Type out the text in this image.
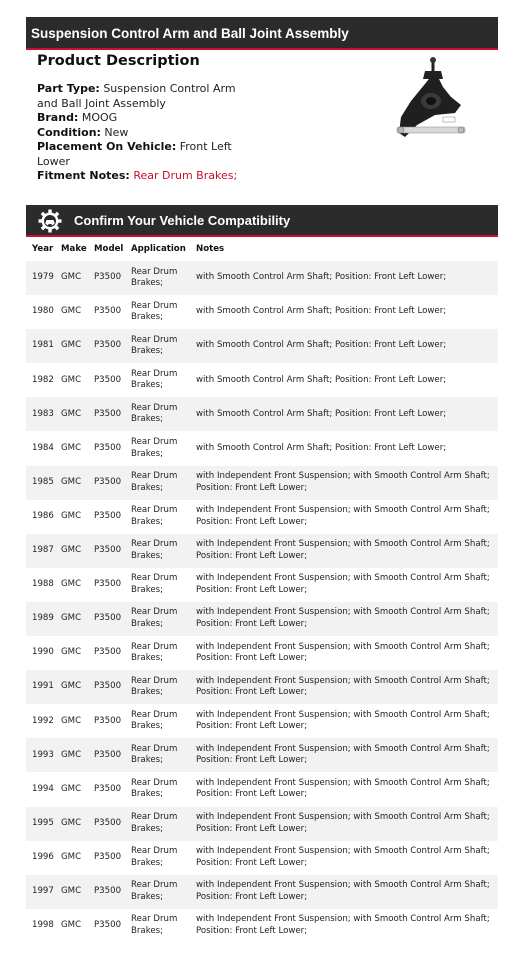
Suspension Control Arm and Ball Joint Assembly
Product Description
Part Type: Suspension Control Arm and Ball Joint Assembly
Brand: MOOG
Condition: New
Placement On Vehicle: Front Left Lower
Fitment Notes: Rear Drum Brakes;
Confirm Your Vehicle Compatibility
Year	Make	Model	Application	Notes
1979	GMC	P3500	Rear Drum Brakes;	with Smooth Control Arm Shaft; Position: Front Left Lower;
1980	GMC	P3500	Rear Drum Brakes;	with Smooth Control Arm Shaft; Position: Front Left Lower;
1981	GMC	P3500	Rear Drum Brakes;	with Smooth Control Arm Shaft; Position: Front Left Lower;
1982	GMC	P3500	Rear Drum Brakes;	with Smooth Control Arm Shaft; Position: Front Left Lower;
1983	GMC	P3500	Rear Drum Brakes;	with Smooth Control Arm Shaft; Position: Front Left Lower;
1984	GMC	P3500	Rear Drum Brakes;	with Smooth Control Arm Shaft; Position: Front Left Lower;
1985	GMC	P3500	Rear Drum Brakes;	with Independent Front Suspension; with Smooth Control Arm Shaft; Position: Front Left Lower;
1986	GMC	P3500	Rear Drum Brakes;	with Independent Front Suspension; with Smooth Control Arm Shaft; Position: Front Left Lower;
1987	GMC	P3500	Rear Drum Brakes;	with Independent Front Suspension; with Smooth Control Arm Shaft; Position: Front Left Lower;
1988	GMC	P3500	Rear Drum Brakes;	with Independent Front Suspension; with Smooth Control Arm Shaft; Position: Front Left Lower;
1989	GMC	P3500	Rear Drum Brakes;	with Independent Front Suspension; with Smooth Control Arm Shaft; Position: Front Left Lower;
1990	GMC	P3500	Rear Drum Brakes;	with Independent Front Suspension; with Smooth Control Arm Shaft; Position: Front Left Lower;
1991	GMC	P3500	Rear Drum Brakes;	with Independent Front Suspension; with Smooth Control Arm Shaft; Position: Front Left Lower;
1992	GMC	P3500	Rear Drum Brakes;	with Independent Front Suspension; with Smooth Control Arm Shaft; Position: Front Left Lower;
1993	GMC	P3500	Rear Drum Brakes;	with Independent Front Suspension; with Smooth Control Arm Shaft; Position: Front Left Lower;
1994	GMC	P3500	Rear Drum Brakes;	with Independent Front Suspension; with Smooth Control Arm Shaft; Position: Front Left Lower;
1995	GMC	P3500	Rear Drum Brakes;	with Independent Front Suspension; with Smooth Control Arm Shaft; Position: Front Left Lower;
1996	GMC	P3500	Rear Drum Brakes;	with Independent Front Suspension; with Smooth Control Arm Shaft; Position: Front Left Lower;
1997	GMC	P3500	Rear Drum Brakes;	with Independent Front Suspension; with Smooth Control Arm Shaft; Position: Front Left Lower;
1998	GMC	P3500	Rear Drum Brakes;	with Independent Front Suspension; with Smooth Control Arm Shaft; Position: Front Left Lower;
